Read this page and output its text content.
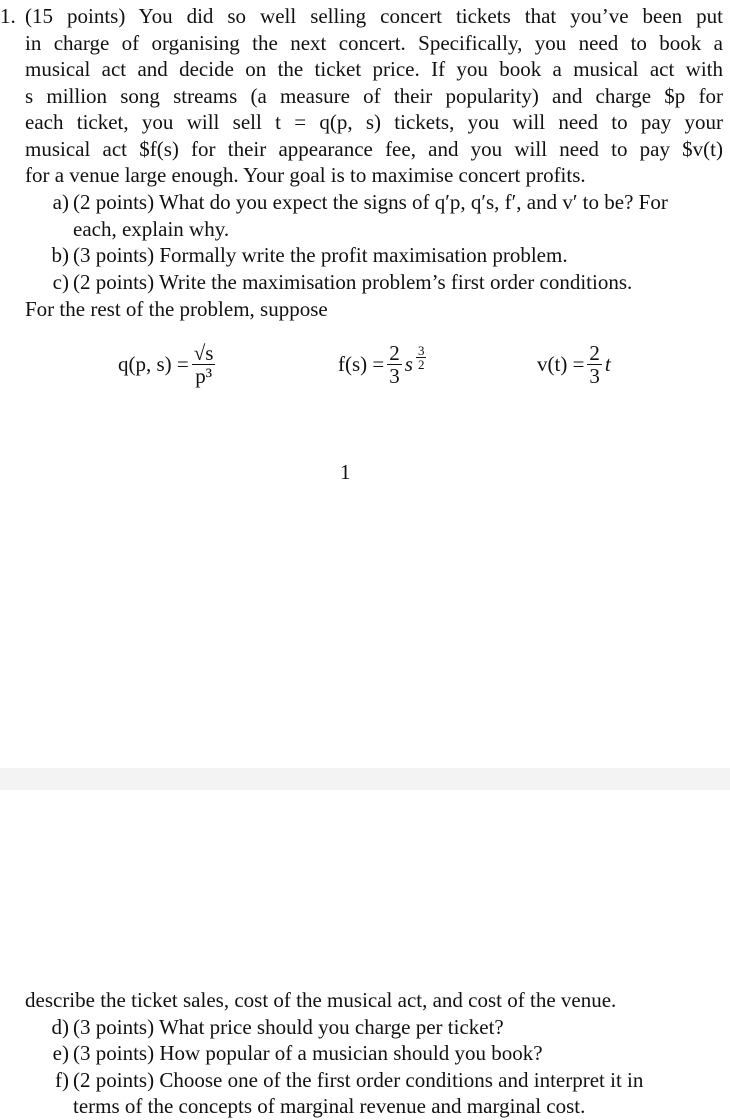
1. (15 points) You did so well selling concert tickets that you’ve been put
in charge of organising the next concert. Specifically, you need to book a
musical act and decide on the ticket price. If you book a musical act with
s million song streams (a measure of their popularity) and charge $p for
each ticket, you will sell t = q(p, s) tickets, you will need to pay your
musical act $f(s) for their appearance fee, and you will need to pay $v(t)
for a venue large enough. Your goal is to maximise concert profits.
a) (2 points) What do you expect the signs of q′p, q′s, f′, and v′ to be? For
each, explain why.
b) (3 points) Formally write the profit maximisation problem.
c) (2 points) Write the maximisation problem’s first order conditions.
For the rest of the problem, suppose
q(p, $s) = \frac{√s}{\text{p³}}$	$f(s) = \frac{2}{3}$ s $\frac{3}{2}$	$v(t) = \frac{2}{3}$ t
1
describe the ticket sales, cost of the musical act, and cost of the venue.
d) (3 points) What price should you charge per ticket?
e) (3 points) How popular of a musician should you book?
f) (2 points) Choose one of the first order conditions and interpret it in
terms of the concepts of marginal revenue and marginal cost.
